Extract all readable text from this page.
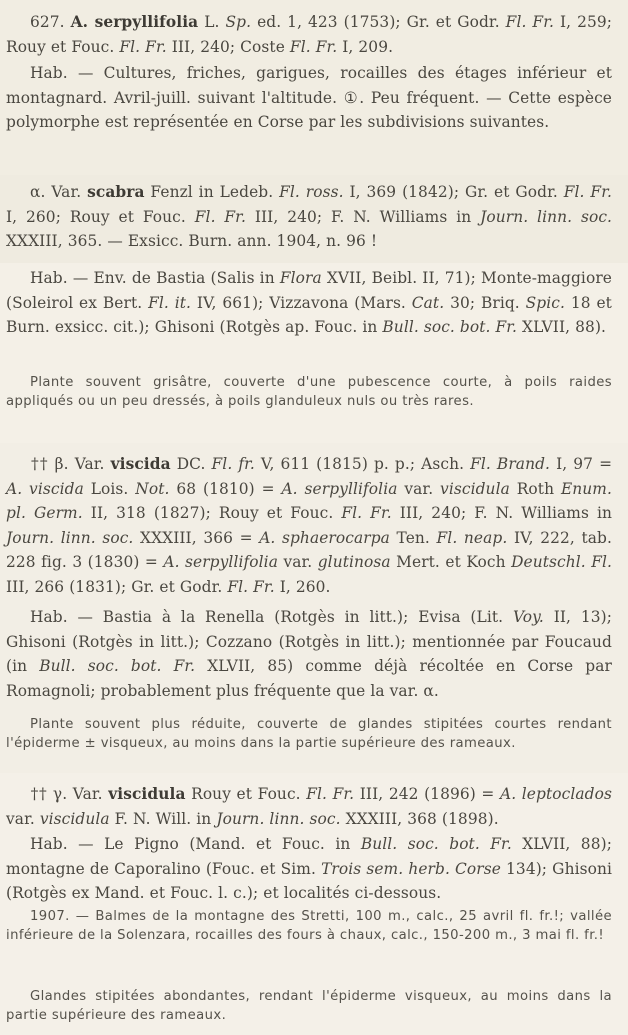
627. A. serpyllifolia L. Sp. ed. 1, 423 (1753); Gr. et Godr. Fl. Fr. I, 259; Rouy et Fouc. Fl. Fr. III, 240; Coste Fl. Fr. I, 209.

Hab. — Cultures, friches, garigues, rocailles des étages inférieur et montagnard. Avril-juill. suivant l'altitude. ①. Peu fréquent. — Cette espèce polymorphe est représentée en Corse par les subdivisions suivantes.

α. Var. scabra Fenzl in Ledeb. Fl. ross. I, 369 (1842); Gr. et Godr. Fl. Fr. I, 260; Rouy et Fouc. Fl. Fr. III, 240; F. N. Williams in Journ. linn. soc. XXXIII, 365. — Exsicc. Burn. ann. 1904, n. 96 !

Hab. — Env. de Bastia (Salis in Flora XVII, Beibl. II, 71); Monte-maggiore (Soleirol ex Bert. Fl. it. IV, 661); Vizzavona (Mars. Cat. 30; Briq. Spic. 18 et Burn. exsicc. cit.); Ghisoni (Rotgès ap. Fouc. in Bull. soc. bot. Fr. XLVII, 88).

Plante souvent grisâtre, couverte d'une pubescence courte, à poils raides appliqués ou un peu dressés, à poils glanduleux nuls ou très rares.

†† β. Var. viscida DC. Fl. fr. V, 611 (1815) p. p.; Asch. Fl. Brand. I, 97 = A. viscida Lois. Not. 68 (1810) = A. serpyllifolia var. viscidula Roth Enum. pl. Germ. II, 318 (1827); Rouy et Fouc. Fl. Fr. III, 240; F. N. Williams in Journ. linn. soc. XXXIII, 366 = A. sphaerocarpa Ten. Fl. neap. IV, 222, tab. 228 fig. 3 (1830) = A. serpyllifolia var. glutinosa Mert. et Koch Deutschl. Fl. III, 266 (1831); Gr. et Godr. Fl. Fr. I, 260.

Hab. — Bastia à la Renella (Rotgès in litt.); Evisa (Lit. Voy. II, 13); Ghisoni (Rotgès in litt.); Cozzano (Rotgès in litt.); mentionnée par Foucaud (in Bull. soc. bot. Fr. XLVII, 85) comme déjà récoltée en Corse par Romagnoli; probablement plus fréquente que la var. α.

Plante souvent plus réduite, couverte de glandes stipitées courtes rendant l'épiderme ± visqueux, au moins dans la partie supérieure des rameaux.

†† γ. Var. viscidula Rouy et Fouc. Fl. Fr. III, 242 (1896) = A. leptoclados var. viscidula F. N. Will. in Journ. linn. soc. XXXIII, 368 (1898).

Hab. — Le Pigno (Mand. et Fouc. in Bull. soc. bot. Fr. XLVII, 88); montagne de Caporalino (Fouc. et Sim. Trois sem. herb. Corse 134); Ghisoni (Rotgès ex Mand. et Fouc. l. c.); et localités ci-dessous.

1907. — Balmes de la montagne des Stretti, 100 m., calc., 25 avril fl. fr.!; vallée inférieure de la Solenzara, rocailles des fours à chaux, calc., 150-200 m., 3 mai fl. fr.!

Glandes stipitées abondantes, rendant l'épiderme visqueux, au moins dans la partie supérieure des rameaux.
